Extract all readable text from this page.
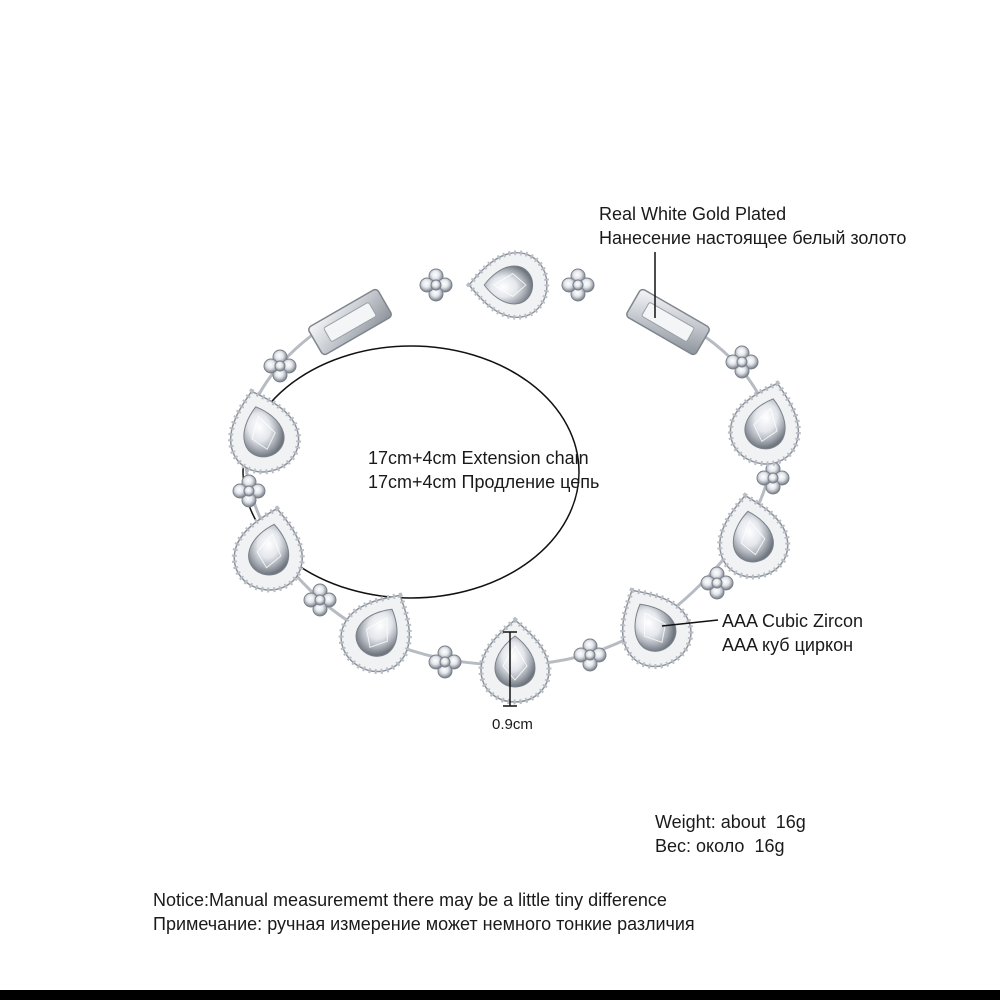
Real White Gold Plated
Нанесение настоящее белый золото
17cm+4cm Extension chain
17cm+4cm Продление цепь
AAA Cubic Zircon
AAA куб циркон
0.9cm
Weight: about  16g
Вес: около  16g
Notice:Manual measurememt there may be a little tiny difference
Примечание: ручная измерение может немного тонкие различия
